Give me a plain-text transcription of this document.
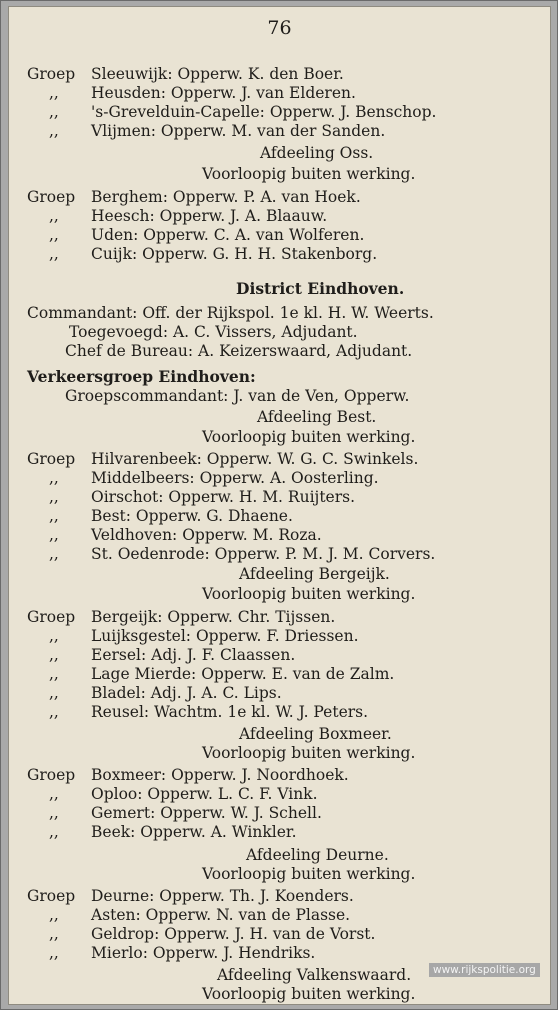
76
www.rijkspolitie.org
Groep Sleeuwijk: Opperw. K. den Boer.
,, Heusden: Opperw. J. van Elderen.
,, 's-Grevelduin-Capelle: Opperw. J. Benschop.
,, Vlijmen: Opperw. M. van der Sanden.
Afdeeling Oss.
Voorloopig buiten werking.
Groep Berghem: Opperw. P. A. van Hoek.
,, Heesch: Opperw. J. A. Blaauw.
,, Uden: Opperw. C. A. van Wolferen.
,, Cuijk: Opperw. G. H. H. Stakenborg.
District Eindhoven.
Commandant: Off. der Rijkspol. 1e kl. H. W. Weerts.
Toegevoegd: A. C. Vissers, Adjudant.
Chef de Bureau: A. Keizerswaard, Adjudant.
Verkeersgroep Eindhoven:
Groepscommandant: J. van de Ven, Opperw.
Afdeeling Best.
Voorloopig buiten werking.
Groep Hilvarenbeek: Opperw. W. G. C. Swinkels.
,, Middelbeers: Opperw. A. Oosterling.
,, Oirschot: Opperw. H. M. Ruijters.
,, Best: Opperw. G. Dhaene.
,, Veldhoven: Opperw. M. Roza.
,, St. Oedenrode: Opperw. P. M. J. M. Corvers.
Afdeeling Bergeijk.
Voorloopig buiten werking.
Groep Bergeijk: Opperw. Chr. Tijssen.
,, Luijksgestel: Opperw. F. Driessen.
,, Eersel: Adj. J. F. Claassen.
,, Lage Mierde: Opperw. E. van de Zalm.
,, Bladel: Adj. J. A. C. Lips.
,, Reusel: Wachtm. 1e kl. W. J. Peters.
Afdeeling Boxmeer.
Voorloopig buiten werking.
Groep Boxmeer: Opperw. J. Noordhoek.
,, Oploo: Opperw. L. C. F. Vink.
,, Gemert: Opperw. W. J. Schell.
,, Beek: Opperw. A. Winkler.
Afdeeling Deurne.
Voorloopig buiten werking.
Groep Deurne: Opperw. Th. J. Koenders.
,, Asten: Opperw. N. van de Plasse.
,, Geldrop: Opperw. J. H. van de Vorst.
,, Mierlo: Opperw. J. Hendriks.
Afdeeling Valkenswaard.
Voorloopig buiten werking.
